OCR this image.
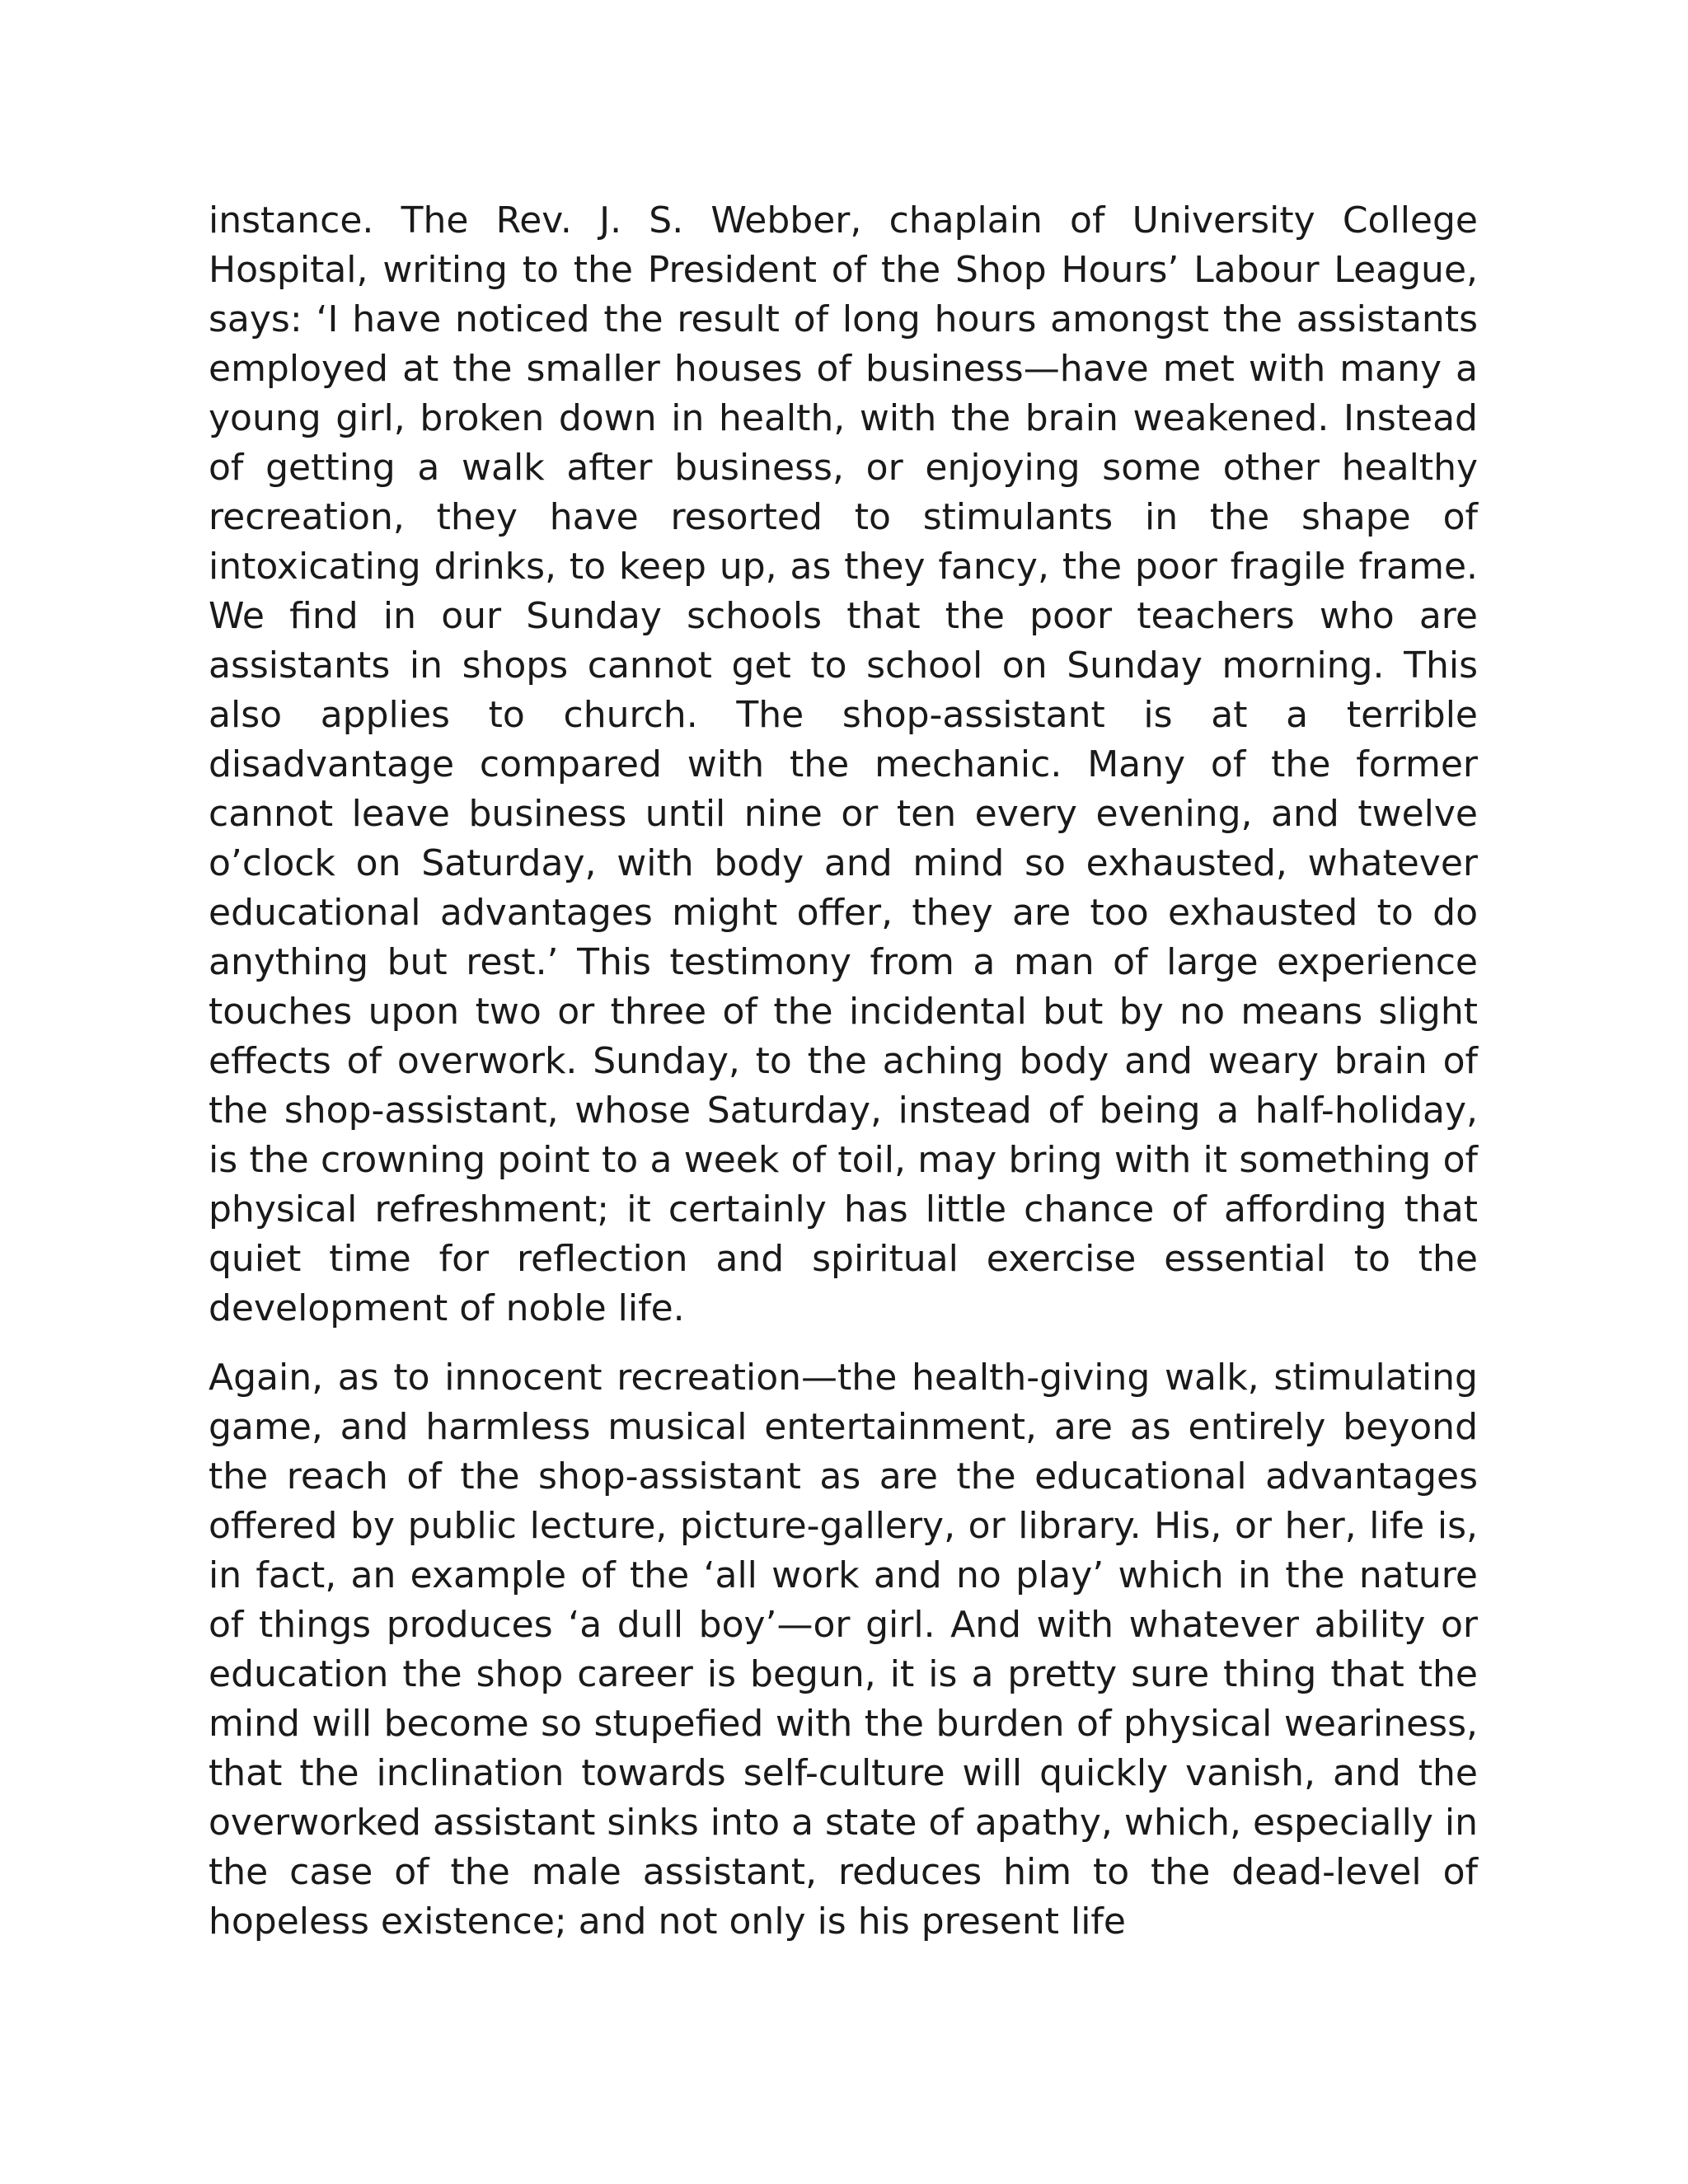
instance. The Rev. J. S. Webber, chaplain of University College Hospital, writing to the President of the Shop Hours’ Labour League, says: ‘I have noticed the result of long hours amongst the assistants employed at the smaller houses of business—have met with many a young girl, broken down in health, with the brain weakened. Instead of getting a walk after business, or enjoying some other healthy recreation, they have resorted to stimulants in the shape of intoxicating drinks, to keep up, as they fancy, the poor fragile frame. We find in our Sunday schools that the poor teachers who are assistants in shops cannot get to school on Sunday morning. This also applies to church. The shop-assistant is at a terrible disadvantage compared with the mechanic. Many of the former cannot leave business until nine or ten every evening, and twelve o’clock on Saturday, with body and mind so exhausted, whatever educational advantages might offer, they are too exhausted to do anything but rest.’ This testimony from a man of large experience touches upon two or three of the incidental but by no means slight effects of overwork. Sunday, to the aching body and weary brain of the shop-assistant, whose Saturday, instead of being a half-holiday, is the crowning point to a week of toil, may bring with it something of physical refreshment; it certainly has little chance of affording that quiet time for reflection and spiritual exercise essential to the development of noble life.

Again, as to innocent recreation—the health-giving walk, stimulating game, and harmless musical entertainment, are as entirely beyond the reach of the shop-assistant as are the educational advantages offered by public lecture, picture-gallery, or library. His, or her, life is, in fact, an example of the ‘all work and no play’ which in the nature of things produces ‘a dull boy’—or girl. And with whatever ability or education the shop career is begun, it is a pretty sure thing that the mind will become so stupefied with the burden of physical weariness, that the inclination towards self-culture will quickly vanish, and the overworked assistant sinks into a state of apathy, which, especially in the case of the male assistant, reduces him to the dead-level of hopeless existence; and not only is his present life
